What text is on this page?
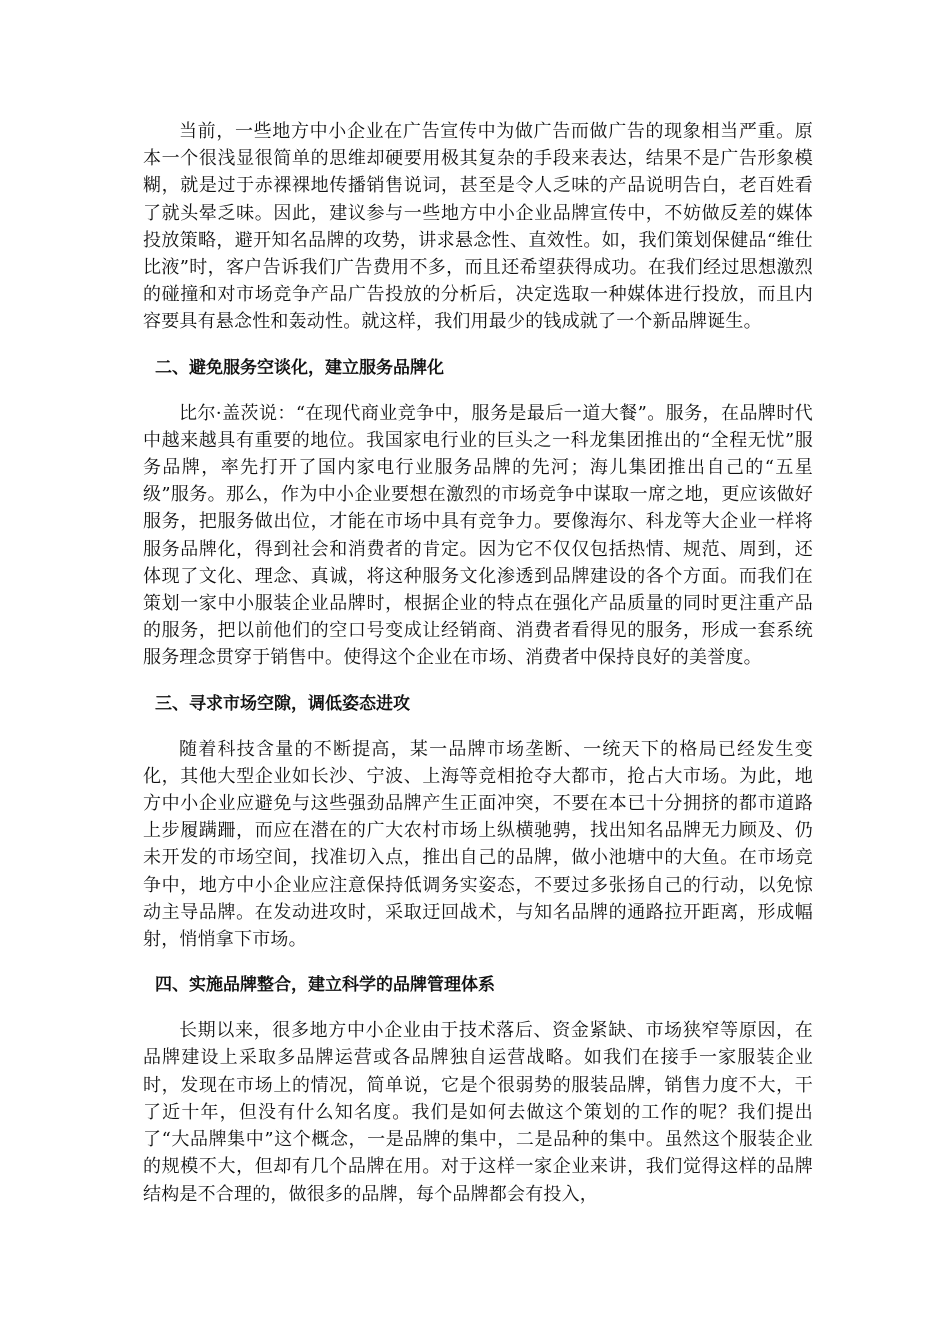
当前，一些地方中小企业在广告宣传中为做广告而做广告的现象相当严重。原本一个很浅显很简单的思维却硬要用极其复杂的手段来表达，结果不是广告形象模糊，就是过于赤裸裸地传播销售说词，甚至是令人乏味的产品说明告白，老百姓看了就头晕乏味。因此，建议参与一些地方中小企业品牌宣传中，不妨做反差的媒体投放策略，避开知名品牌的攻势，讲求悬念性、直效性。如，我们策划保健品“维仕比液”时，客户告诉我们广告费用不多，而且还希望获得成功。在我们经过思想激烈的碰撞和对市场竞争产品广告投放的分析后，决定选取一种媒体进行投放，而且内容要具有悬念性和轰动性。就这样，我们用最少的钱成就了一个新品牌诞生。

二、避免服务空谈化，建立服务品牌化

比尔·盖茨说：“在现代商业竞争中，服务是最后一道大餐”。服务，在品牌时代中越来越具有重要的地位。我国家电行业的巨头之一科龙集团推出的“全程无忧”服务品牌，率先打开了国内家电行业服务品牌的先河；海儿集团推出自己的“五星级”服务。那么，作为中小企业要想在激烈的市场竞争中谋取一席之地，更应该做好服务，把服务做出位，才能在市场中具有竞争力。要像海尔、科龙等大企业一样将服务品牌化，得到社会和消费者的肯定。因为它不仅仅包括热情、规范、周到，还体现了文化、理念、真诚，将这种服务文化渗透到品牌建设的各个方面。而我们在策划一家中小服装企业品牌时，根据企业的特点在强化产品质量的同时更注重产品的服务，把以前他们的空口号变成让经销商、消费者看得见的服务，形成一套系统服务理念贯穿于销售中。使得这个企业在市场、消费者中保持良好的美誉度。

三、寻求市场空隙，调低姿态进攻

随着科技含量的不断提高，某一品牌市场垄断、一统天下的格局已经发生变化，其他大型企业如长沙、宁波、上海等竞相抢夺大都市，抢占大市场。为此，地方中小企业应避免与这些强劲品牌产生正面冲突，不要在本已十分拥挤的都市道路上步履蹒跚，而应在潜在的广大农村市场上纵横驰骋，找出知名品牌无力顾及、仍未开发的市场空间，找准切入点，推出自己的品牌，做小池塘中的大鱼。在市场竞争中，地方中小企业应注意保持低调务实姿态，不要过多张扬自己的行动，以免惊动主导品牌。在发动进攻时，采取迂回战术，与知名品牌的通路拉开距离，形成幅射，悄悄拿下市场。

四、实施品牌整合，建立科学的品牌管理体系

长期以来，很多地方中小企业由于技术落后、资金紧缺、市场狭窄等原因，在品牌建设上采取多品牌运营或各品牌独自运营战略。如我们在接手一家服装企业时，发现在市场上的情况，简单说，它是个很弱势的服装品牌，销售力度不大，干了近十年，但没有什么知名度。我们是如何去做这个策划的工作的呢？我们提出了“大品牌集中”这个概念，一是品牌的集中，二是品种的集中。虽然这个服装企业的规模不大，但却有几个品牌在用。对于这样一家企业来讲，我们觉得这样的品牌结构是不合理的，做很多的品牌，每个品牌都会有投入，
